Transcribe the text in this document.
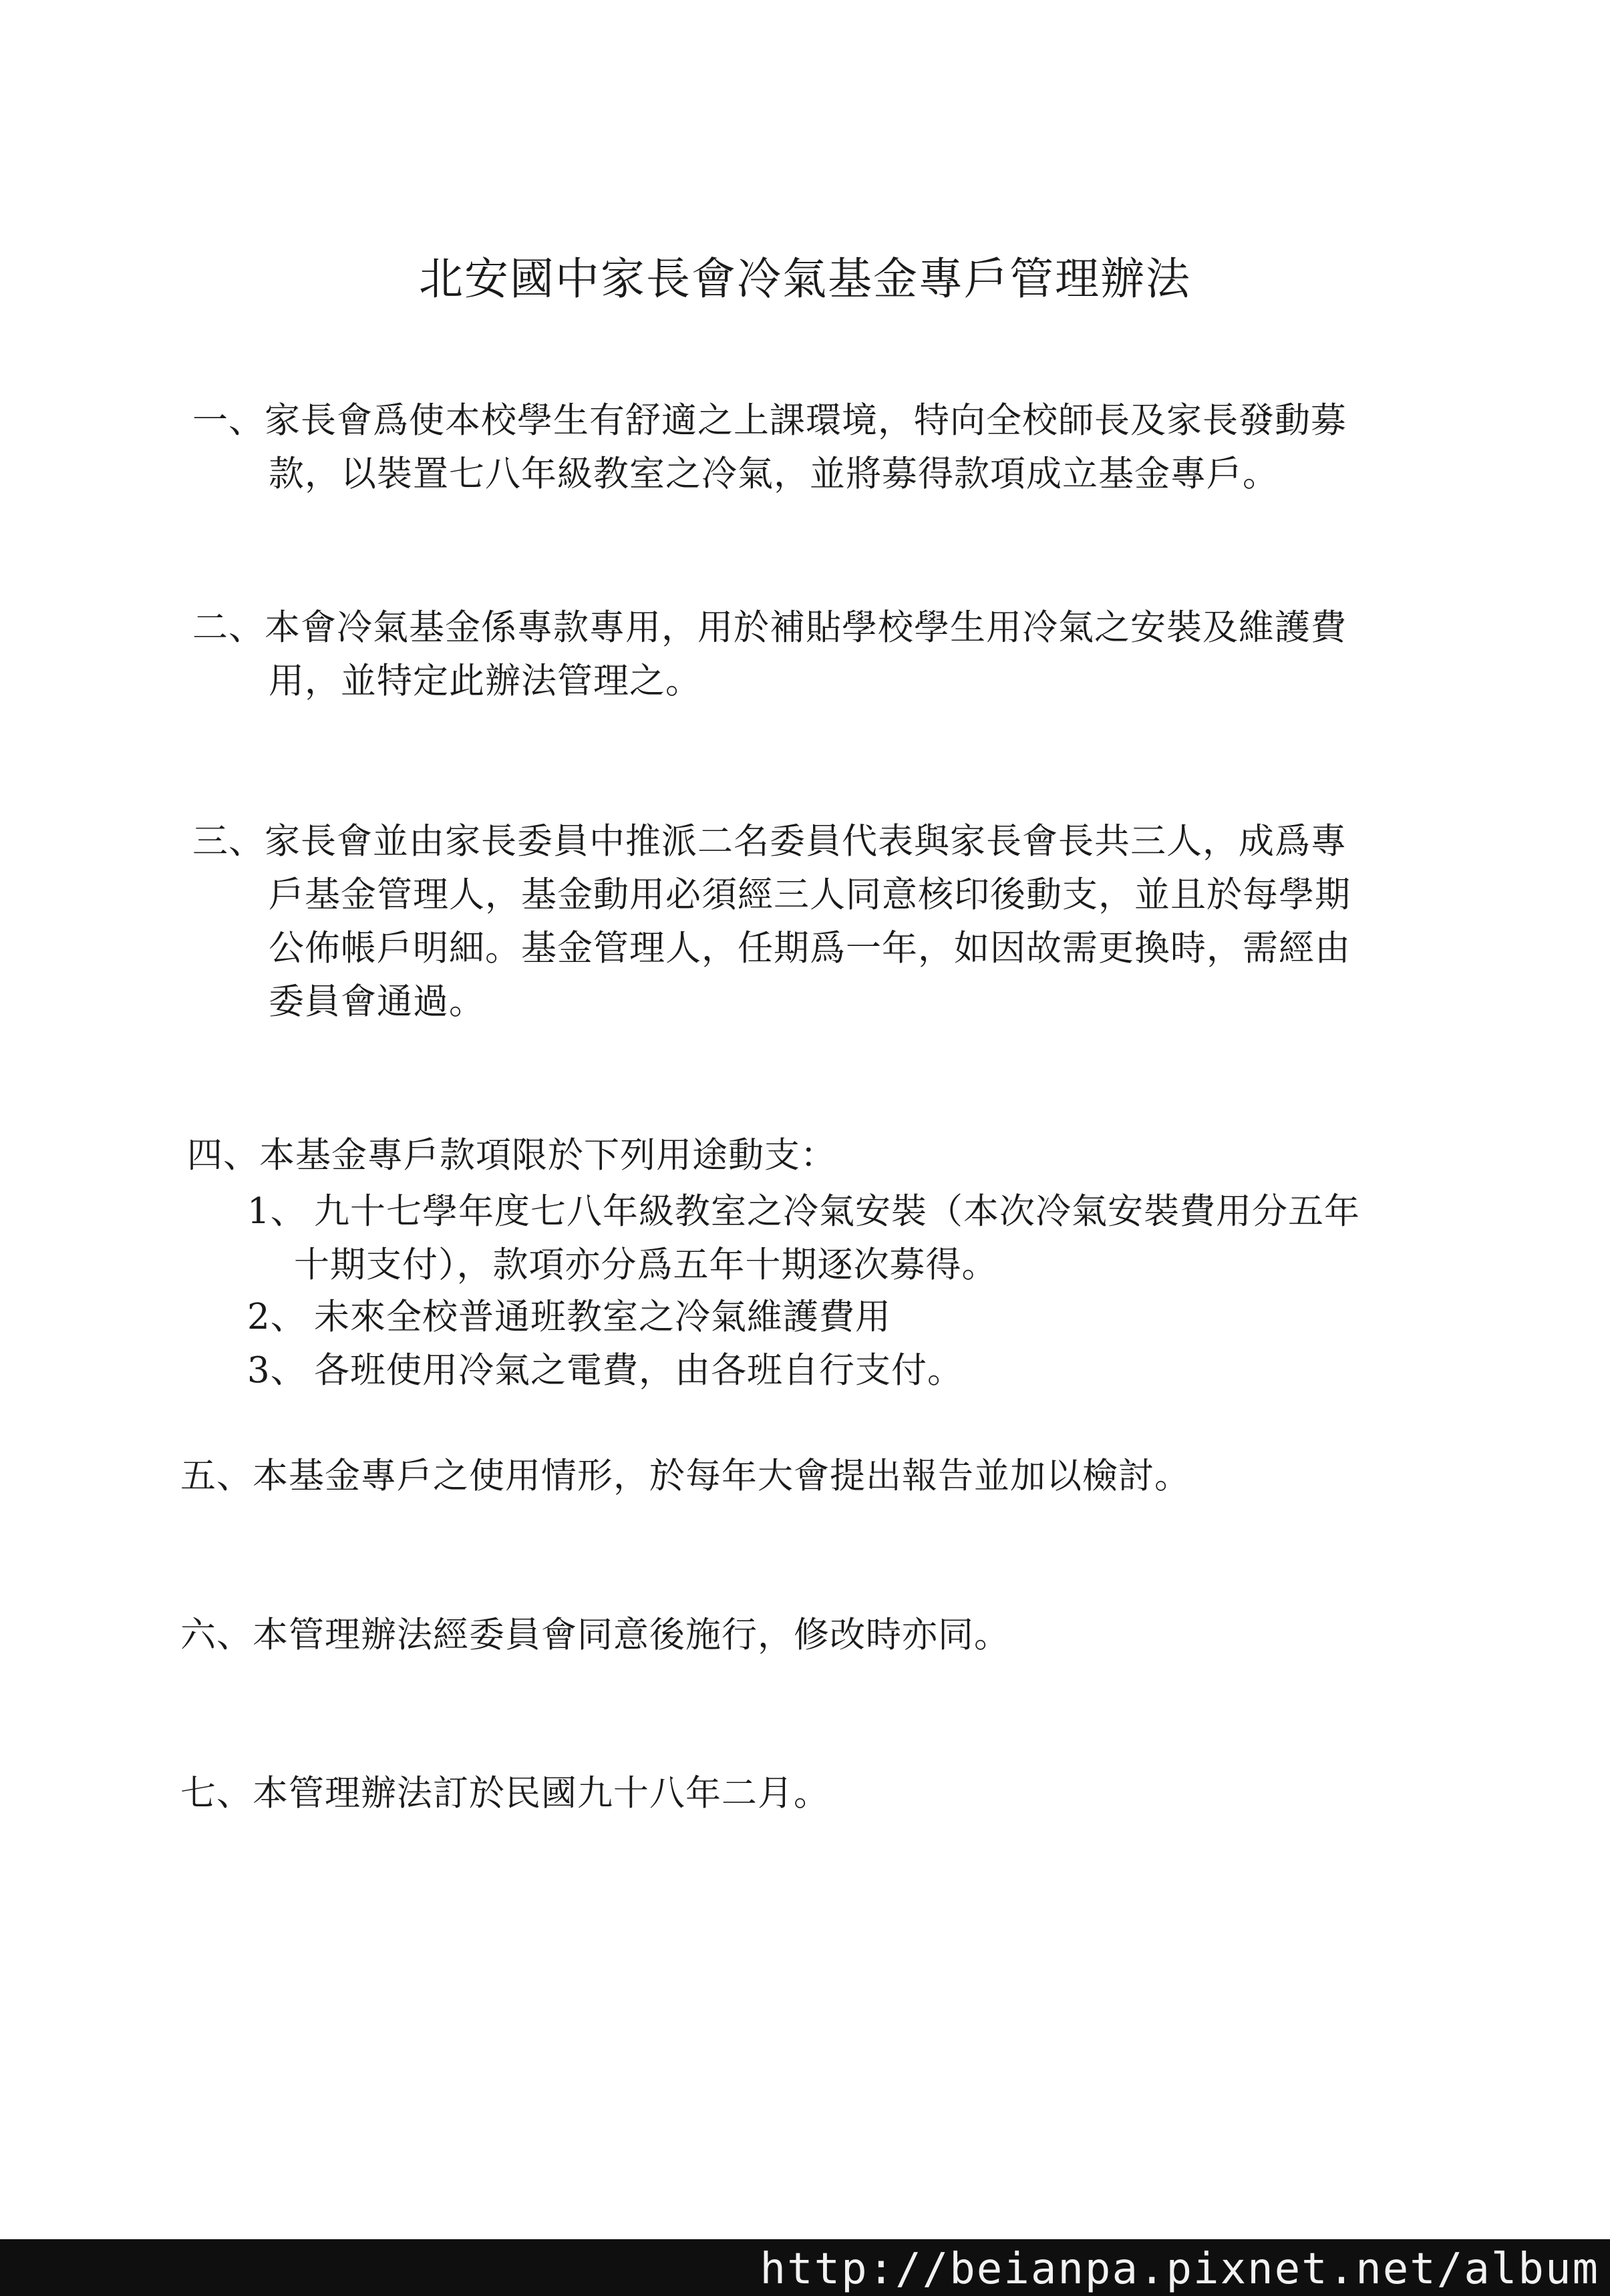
北安國中家長會冷氣基金專戶管理辦法
一、家長會爲使本校學生有舒適之上課環境，特向全校師長及家長發動募
款，以裝置七八年級教室之冷氣，並將募得款項成立基金專戶。
二、本會冷氣基金係專款專用，用於補貼學校學生用冷氣之安裝及維護費
用，並特定此辦法管理之。
三、家長會並由家長委員中推派二名委員代表與家長會長共三人，成爲專
戶基金管理人，基金動用必須經三人同意核印後動支，並且於每學期
公佈帳戶明細。基金管理人，任期爲一年，如因故需更換時，需經由
委員會通過。
四、本基金專戶款項限於下列用途動支：
1、 九十七學年度七八年級教室之冷氣安裝（本次冷氣安裝費用分五年
十期支付），款項亦分爲五年十期逐次募得。
2、 未來全校普通班教室之冷氣維護費用
3、 各班使用冷氣之電費，由各班自行支付。
五、本基金專戶之使用情形，於每年大會提出報告並加以檢討。
六、本管理辦法經委員會同意後施行，修改時亦同。
七、本管理辦法訂於民國九十八年二月。
http://beianpa.pixnet.net/album
